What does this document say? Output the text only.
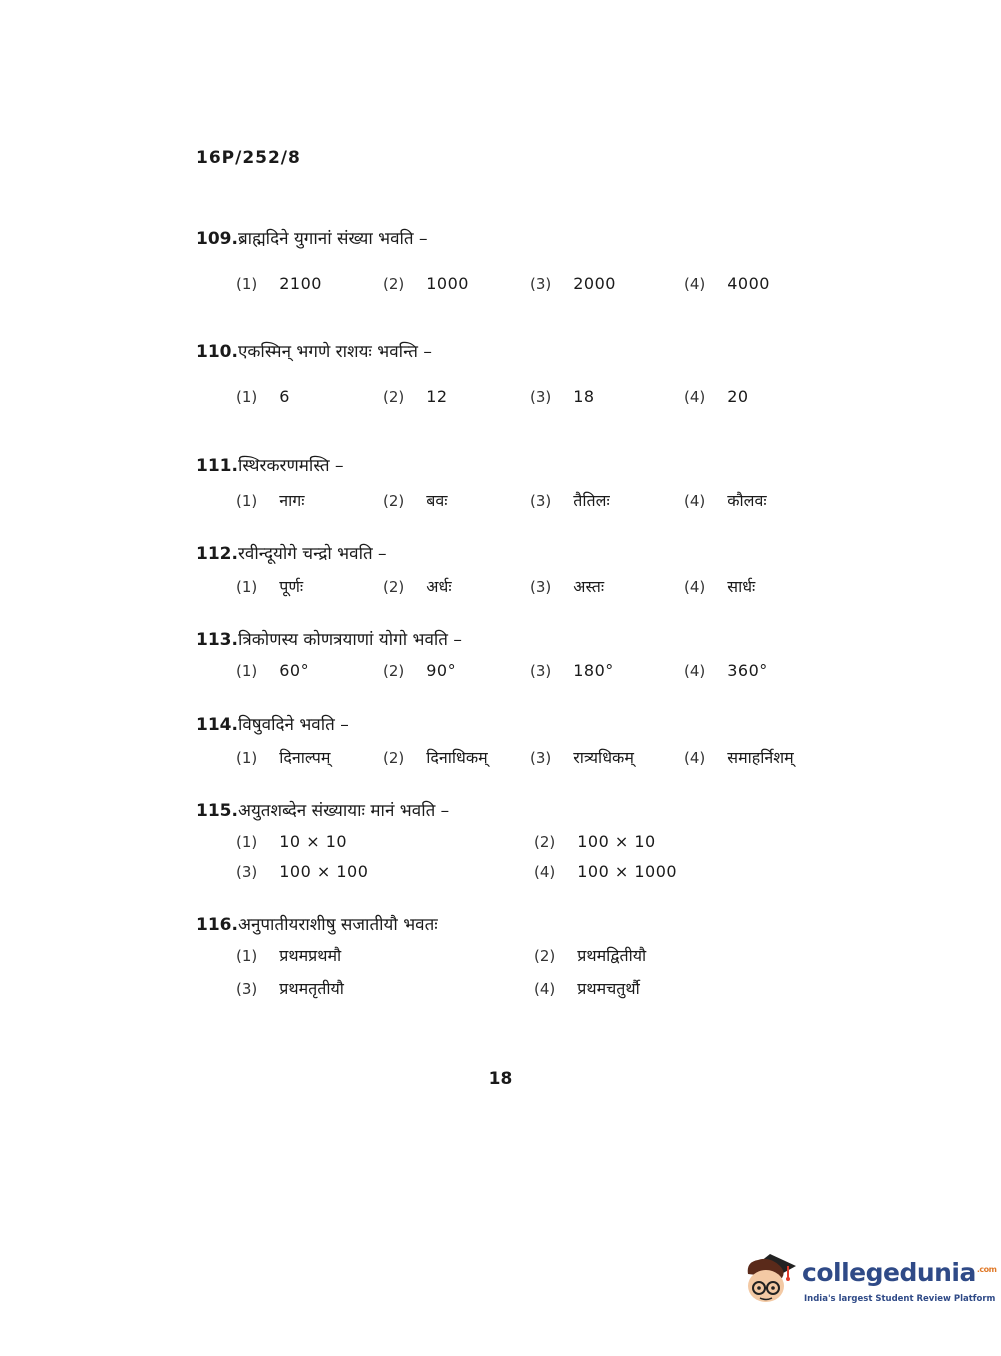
16P/252/8
109.ब्राह्मदिने युगानां संख्या भवति –
(1) 2100	(2) 1000	(3) 2000	(4) 4000
110.एकस्मिन् भगणे राशयः भवन्ति –
(1) 6	(2) 12	(3) 18	(4) 20
111.स्थिरकरणमस्ति –
(1) नागः	(2) बवः	(3) तैतिलः	(4) कौलवः
112.रवीन्दूयोगे चन्द्रो भवति –
(1) पूर्णः	(2) अर्धः	(3) अस्तः	(4) सार्धः
113.त्रिकोणस्य कोणत्रयाणां योगो भवति –
(1) 60°	(2) 90°	(3) 180°	(4) 360°
114.विषुवदिने भवति –
(1) दिनाल्पम्	(2) दिनाधिकम्	(3) रात्र्यधिकम्	(4) समाहर्निशम्
115.अयुतशब्देन संख्यायाः मानं भवति –
(1) 10 × 10	(2) 100 × 10
(3) 100 × 100	(4) 100 × 1000
116.अनुपातीयराशीषु सजातीयौ भवतः
(1) प्रथमप्रथमौ	(2) प्रथमद्वितीयौ
(3) प्रथमतृतीयौ	(4) प्रथमचतुर्थौ
18
collegedunia$^{.com}$
India's largest Student Review Platform
